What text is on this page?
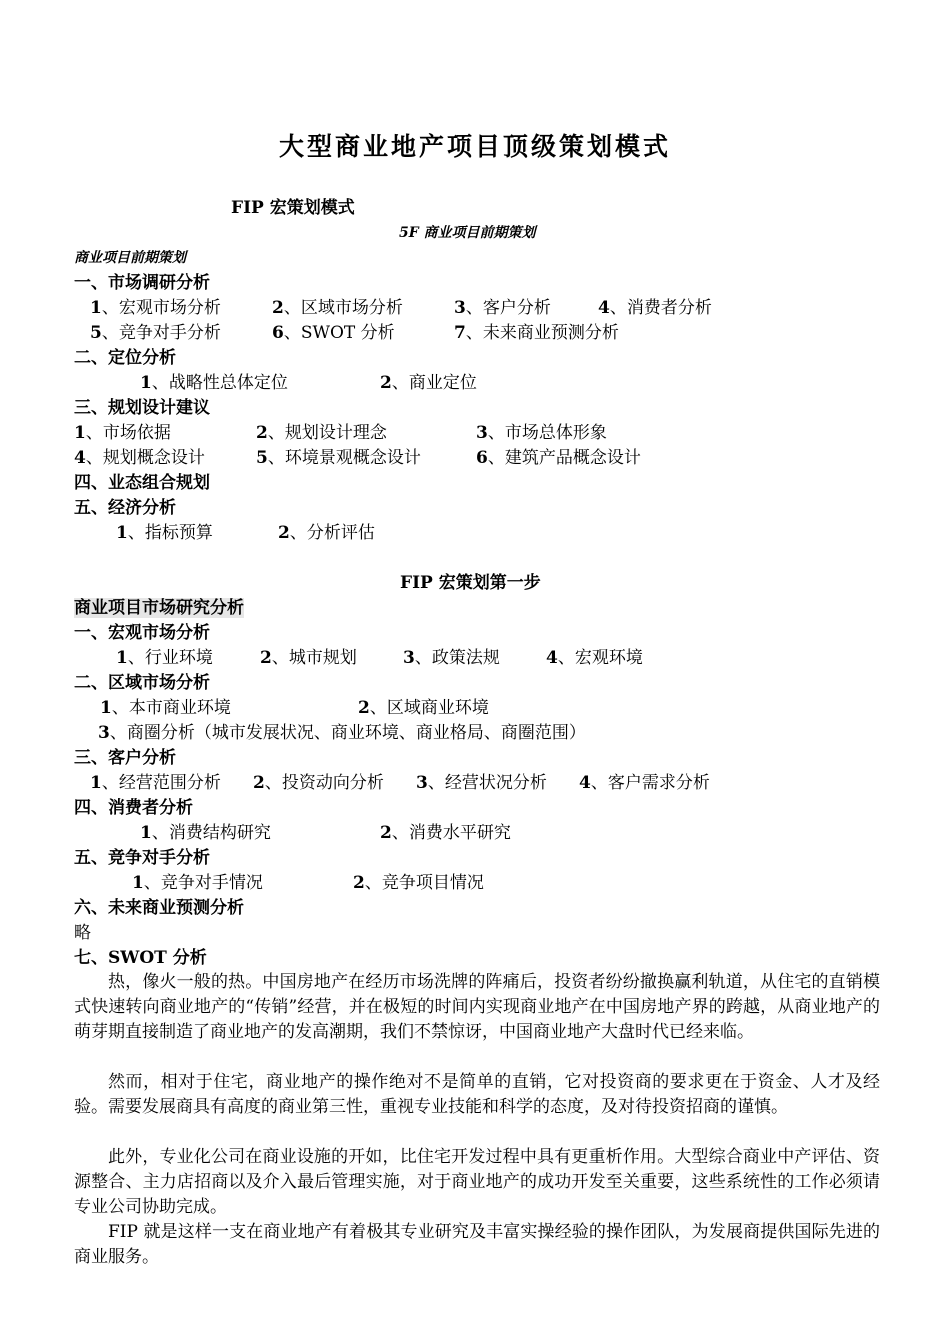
大型商业地产项目顶级策划模式
FIP 宏策划模式
5F 商业项目前期策划
商业项目前期策划
一、市场调研分析
1、宏观市场分析	2、区域市场分析	3、客户分析	4、消费者分析
5、竞争对手分析	6、SWOT 分析	7、未来商业预测分析
二、定位分析
1、战略性总体定位	2、商业定位
三、规划设计建议
1、市场依据	2、规划设计理念	3、市场总体形象
4、规划概念设计	5、环境景观概念设计	6、建筑产品概念设计
四、业态组合规划
五、经济分析
1、指标预算	2、分析评估
FIP 宏策划第一步
商业项目市场研究分析
一、宏观市场分析
1、行业环境	2、城市规划	3、政策法规	4、宏观环境
二、区域市场分析
1、本市商业环境	2、区域商业环境
3、商圈分析（城市发展状况、商业环境、商业格局、商圈范围）
三、客户分析
1、经营范围分析 2、投资动向分析 3、经营状况分析 4、客户需求分析
四、消费者分析
1、消费结构研究	2、消费水平研究
五、竞争对手分析
1、竞争对手情况	2、竞争项目情况
六、未来商业预测分析
略
七、SWOT 分析
热，像火一般的热。中国房地产在经历市场洗牌的阵痛后，投资者纷纷撤换赢利轨道，从住宅的直销模式快速转向商业地产的“传销”经营，并在极短的时间内实现商业地产在中国房地产界的跨越，从商业地产的萌芽期直接制造了商业地产的发高潮期，我们不禁惊讶，中国商业地产大盘时代已经来临。
然而，相对于住宅，商业地产的操作绝对不是简单的直销，它对投资商的要求更在于资金、人才及经验。需要发展商具有高度的商业第三性，重视专业技能和科学的态度，及对待投资招商的谨慎。
此外，专业化公司在商业设施的开如，比住宅开发过程中具有更重析作用。大型综合商业中产评估、资源整合、主力店招商以及介入最后管理实施，对于商业地产的成功开发至关重要，这些系统性的工作必须请专业公司协助完成。
FIP 就是这样一支在商业地产有着极其专业研究及丰富实操经验的操作团队，为发展商提供国际先进的商业服务。
